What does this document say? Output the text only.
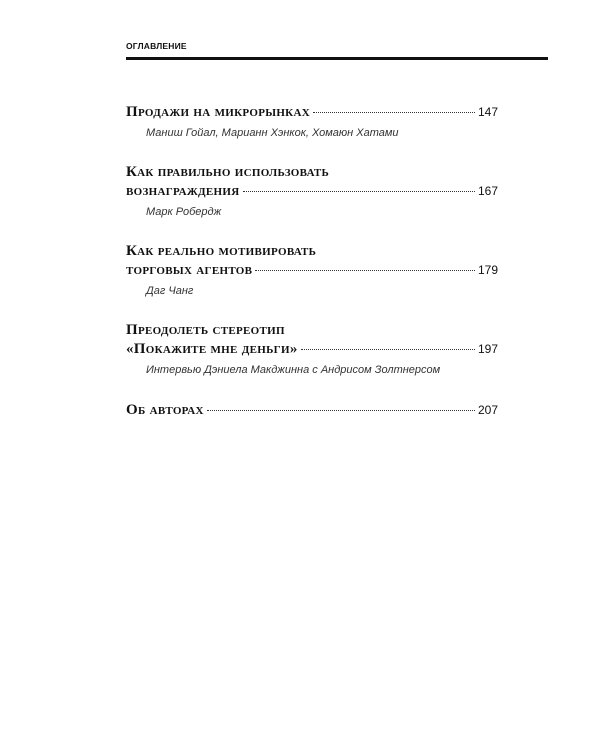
ОГЛАВЛЕНИЕ
Продажи на микрорынках	147
Маниш Гойал, Марианн Хэнкок, Хомаюн Хатами
Как правильно использовать
вознаграждения	167
Марк Робердж
Как реально мотивировать
торговых агентов	179
Даг Чанг
Преодолеть стереотип
«Покажите мне деньги»	197
Интервью Дэниела Макджинна с Андрисом Золтнерсом
Об авторах	207
